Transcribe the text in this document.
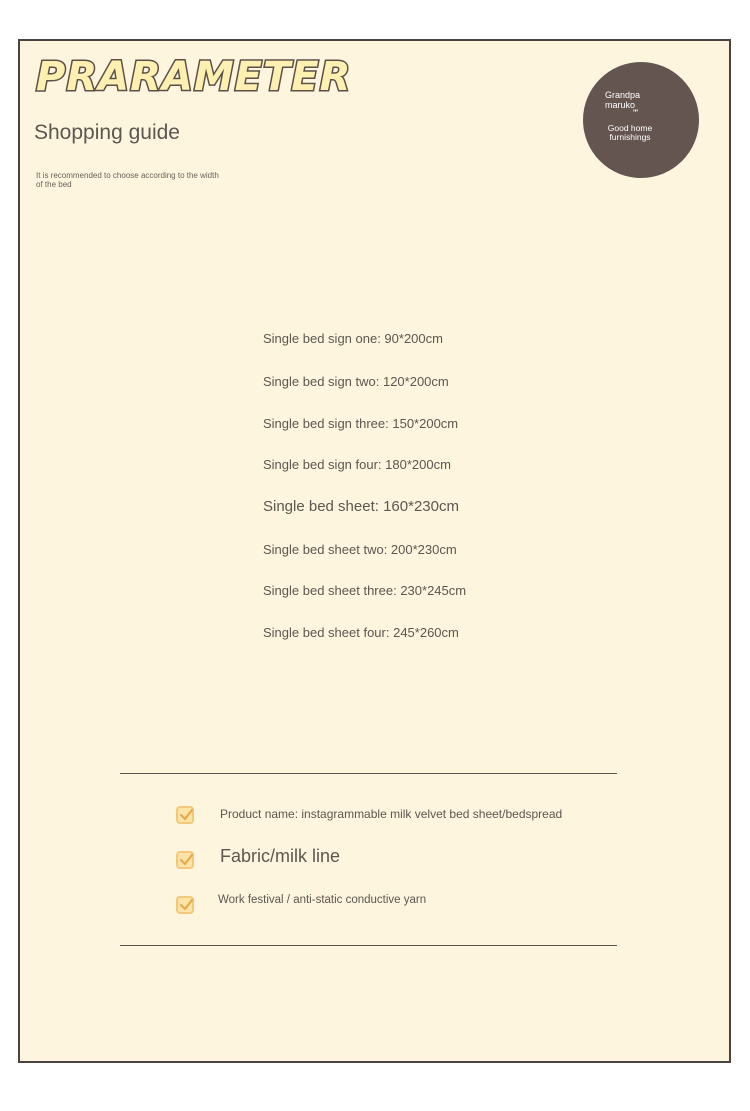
PRARAMETER
Shopping guide
It is recommended to choose according to the width of the bed
Grandpa maruko
””
Good home furnishings
Single bed sign one: 90*200cm
Single bed sign two: 120*200cm
Single bed sign three: 150*200cm
Single bed sign four: 180*200cm
Single bed sheet: 160*230cm
Single bed sheet two: 200*230cm
Single bed sheet three: 230*245cm
Single bed sheet four: 245*260cm
Product name: instagrammable milk velvet bed sheet/bedspread
Fabric/milk line
Work festival / anti-static conductive yarn
